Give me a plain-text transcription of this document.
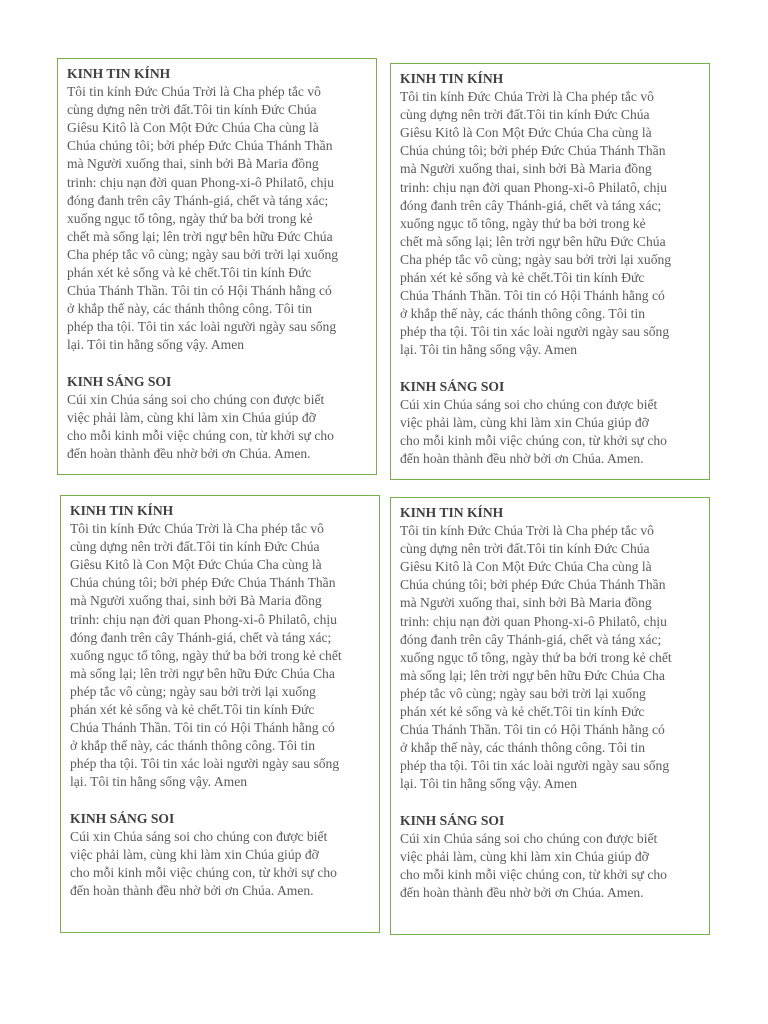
KINH TIN KÍNH
Tôi tin kính Đức Chúa Trời là Cha phép tắc vô
cùng dựng nên trời đất.Tôi tin kính Đức Chúa
Giêsu Kitô là Con Một Đức Chúa Cha cùng là
Chúa chúng tôi; bởi phép Đức Chúa Thánh Thần
mà Người xuống thai, sinh bởi Bà Maria đồng
trinh: chịu nạn đời quan Phong-xi-ô Philatô, chịu
đóng đanh trên cây Thánh-giá, chết và táng xác;
xuống ngục tổ tông, ngày thứ ba bởi trong kẻ
chết mà sống lại; lên trời ngự bên hữu Đức Chúa
Cha phép tắc vô cùng; ngày sau bởi trời lại xuống
phán xét kẻ sống và kẻ chết.Tôi tin kính Đức
Chúa Thánh Thần. Tôi tin có Hội Thánh hằng có
ở khắp thế này, các thánh thông công. Tôi tin
phép tha tội. Tôi tin xác loài người ngày sau sống
lại. Tôi tin hằng sống vậy. Amen
KINH SÁNG SOI
Cúi xin Chúa sáng soi cho chúng con được biết
việc phải làm, cùng khi làm xin Chúa giúp đỡ
cho mỗi kinh mỗi việc chúng con, từ khởi sự cho
đến hoàn thành đều nhờ bởi ơn Chúa. Amen.
KINH TIN KÍNH
Tôi tin kính Đức Chúa Trời là Cha phép tắc vô
cùng dựng nên trời đất.Tôi tin kính Đức Chúa
Giêsu Kitô là Con Một Đức Chúa Cha cùng là
Chúa chúng tôi; bởi phép Đức Chúa Thánh Thần
mà Người xuống thai, sinh bởi Bà Maria đồng
trinh: chịu nạn đời quan Phong-xi-ô Philatô, chịu
đóng đanh trên cây Thánh-giá, chết và táng xác;
xuống ngục tổ tông, ngày thứ ba bởi trong kẻ
chết mà sống lại; lên trời ngự bên hữu Đức Chúa
Cha phép tắc vô cùng; ngày sau bởi trời lại xuống
phán xét kẻ sống và kẻ chết.Tôi tin kính Đức
Chúa Thánh Thần. Tôi tin có Hội Thánh hằng có
ở khắp thế này, các thánh thông công. Tôi tin
phép tha tội. Tôi tin xác loài người ngày sau sống
lại. Tôi tin hằng sống vậy. Amen
KINH SÁNG SOI
Cúi xin Chúa sáng soi cho chúng con được biết
việc phải làm, cùng khi làm xin Chúa giúp đỡ
cho mỗi kinh mỗi việc chúng con, từ khởi sự cho
đến hoàn thành đều nhờ bởi ơn Chúa. Amen.
KINH TIN KÍNH
Tôi tin kính Đức Chúa Trời là Cha phép tắc vô
cùng dựng nên trời đất.Tôi tin kính Đức Chúa
Giêsu Kitô là Con Một Đức Chúa Cha cùng là
Chúa chúng tôi; bởi phép Đức Chúa Thánh Thần
mà Người xuống thai, sinh bởi Bà Maria đồng
trinh: chịu nạn đời quan Phong-xi-ô Philatô, chịu
đóng đanh trên cây Thánh-giá, chết và táng xác;
xuống ngục tổ tông, ngày thứ ba bởi trong kẻ chết
mà sống lại; lên trời ngự bên hữu Đức Chúa Cha
phép tắc vô cùng; ngày sau bởi trời lại xuống
phán xét kẻ sống và kẻ chết.Tôi tin kính Đức
Chúa Thánh Thần. Tôi tin có Hội Thánh hằng có
ở khắp thế này, các thánh thông công. Tôi tin
phép tha tội. Tôi tin xác loài người ngày sau sống
lại. Tôi tin hằng sống vậy. Amen
KINH SÁNG SOI
Cúi xin Chúa sáng soi cho chúng con được biết
việc phải làm, cùng khi làm xin Chúa giúp đỡ
cho mỗi kinh mỗi việc chúng con, từ khởi sự cho
đến hoàn thành đều nhờ bởi ơn Chúa. Amen.
KINH TIN KÍNH
Tôi tin kính Đức Chúa Trời là Cha phép tắc vô
cùng dựng nên trời đất.Tôi tin kính Đức Chúa
Giêsu Kitô là Con Một Đức Chúa Cha cùng là
Chúa chúng tôi; bởi phép Đức Chúa Thánh Thần
mà Người xuống thai, sinh bởi Bà Maria đồng
trinh: chịu nạn đời quan Phong-xi-ô Philatô, chịu
đóng đanh trên cây Thánh-giá, chết và táng xác;
xuống ngục tổ tông, ngày thứ ba bởi trong kẻ chết
mà sống lại; lên trời ngự bên hữu Đức Chúa Cha
phép tắc vô cùng; ngày sau bởi trời lại xuống
phán xét kẻ sống và kẻ chết.Tôi tin kính Đức
Chúa Thánh Thần. Tôi tin có Hội Thánh hằng có
ở khắp thế này, các thánh thông công. Tôi tin
phép tha tội. Tôi tin xác loài người ngày sau sống
lại. Tôi tin hằng sống vậy. Amen
KINH SÁNG SOI
Cúi xin Chúa sáng soi cho chúng con được biết
việc phải làm, cùng khi làm xin Chúa giúp đỡ
cho mỗi kinh mỗi việc chúng con, từ khởi sự cho
đến hoàn thành đều nhờ bởi ơn Chúa. Amen.
